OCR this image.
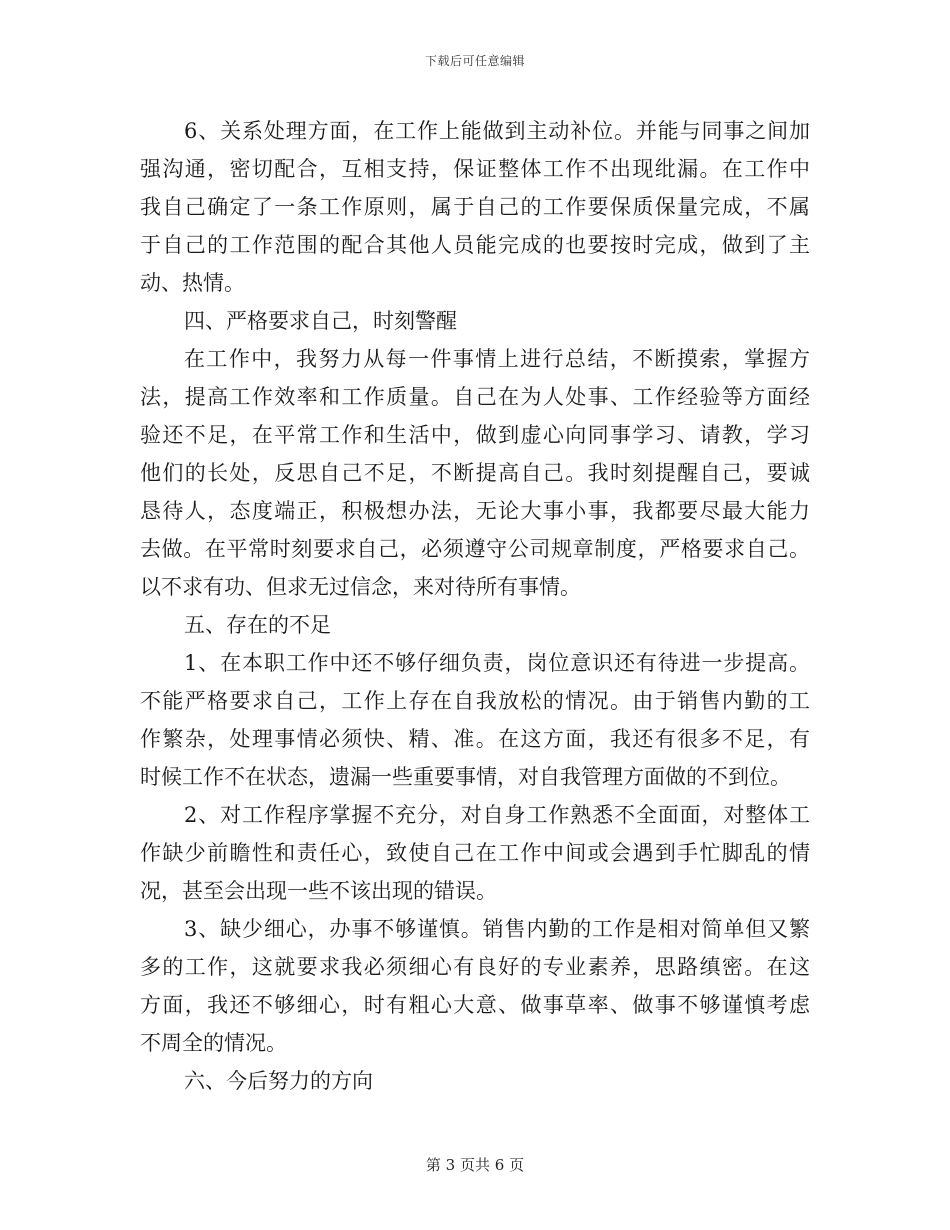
下载后可任意编辑
6、关系处理方面，在工作上能做到主动补位。并能与同事之间加
强沟通，密切配合，互相支持，保证整体工作不出现纰漏。在工作中
我自己确定了一条工作原则，属于自己的工作要保质保量完成，不属
于自己的工作范围的配合其他人员能完成的也要按时完成，做到了主
动、热情。
四、严格要求自己，时刻警醒
在工作中，我努力从每一件事情上进行总结，不断摸索，掌握方
法，提高工作效率和工作质量。自己在为人处事、工作经验等方面经
验还不足，在平常工作和生活中，做到虚心向同事学习、请教，学习
他们的长处，反思自己不足，不断提高自己。我时刻提醒自己，要诚
恳待人，态度端正，积极想办法，无论大事小事，我都要尽最大能力
去做。在平常时刻要求自己，必须遵守公司规章制度，严格要求自己。
以不求有功、但求无过信念，来对待所有事情。
五、存在的不足
1、在本职工作中还不够仔细负责，岗位意识还有待进一步提高。
不能严格要求自己，工作上存在自我放松的情况。由于销售内勤的工
作繁杂，处理事情必须快、精、准。在这方面，我还有很多不足，有
时候工作不在状态，遗漏一些重要事情，对自我管理方面做的不到位。
2、对工作程序掌握不充分，对自身工作熟悉不全面面，对整体工
作缺少前瞻性和责任心，致使自己在工作中间或会遇到手忙脚乱的情
况，甚至会出现一些不该出现的错误。
3、缺少细心，办事不够谨慎。销售内勤的工作是相对简单但又繁
多的工作，这就要求我必须细心有良好的专业素养，思路缜密。在这
方面，我还不够细心，时有粗心大意、做事草率、做事不够谨慎考虑
不周全的情况。
六、今后努力的方向
第 3 页共 6 页
